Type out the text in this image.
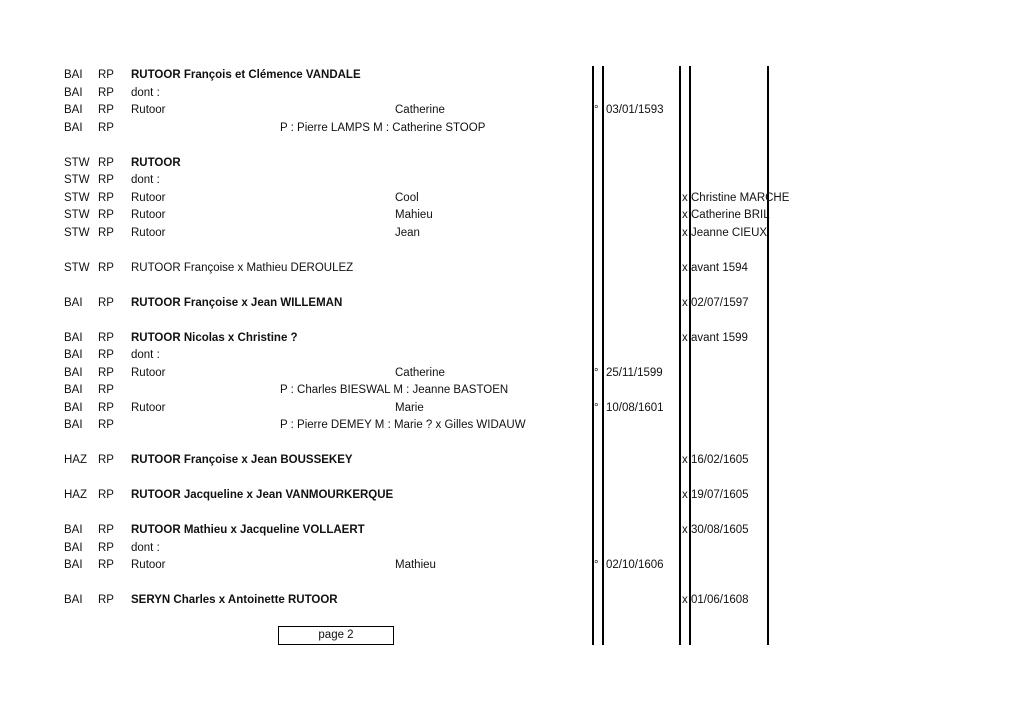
BAI RP RUTOOR François et Clémence VANDALE
BAI RP dont :
BAI RP Rutoor	Catherine	° 03/01/1593
BAI RP	P : Pierre LAMPS M : Catherine STOOP
STW RP RUTOOR
STW RP dont :
STW RP Rutoor	Cool	x Christine MARCHE
STW RP Rutoor	Mahieu	x Catherine BRIL
STW RP Rutoor	Jean	x Jeanne CIEUX
STW RP RUTOOR Françoise x Mathieu DEROULEZ	x avant 1594
BAI RP RUTOOR Françoise x Jean WILLEMAN	x 02/07/1597
BAI RP RUTOOR Nicolas x Christine ?	x avant 1599
BAI RP dont :
BAI RP Rutoor	Catherine	° 25/11/1599
BAI RP	P : Charles BIESWAL M : Jeanne BASTOEN
BAI RP Rutoor	Marie	° 10/08/1601
BAI RP	P : Pierre DEMEY M : Marie ? x Gilles WIDAUW
HAZ RP RUTOOR Françoise x Jean BOUSSEKEY	x 16/02/1605
HAZ RP RUTOOR Jacqueline x Jean VANMOURKERQUE	x 19/07/1605
BAI RP RUTOOR Mathieu x Jacqueline VOLLAERT	x 30/08/1605
BAI RP dont :
BAI RP Rutoor	Mathieu	° 02/10/1606
BAI RP SERYN Charles x Antoinette RUTOOR	x 01/06/1608
page 2
